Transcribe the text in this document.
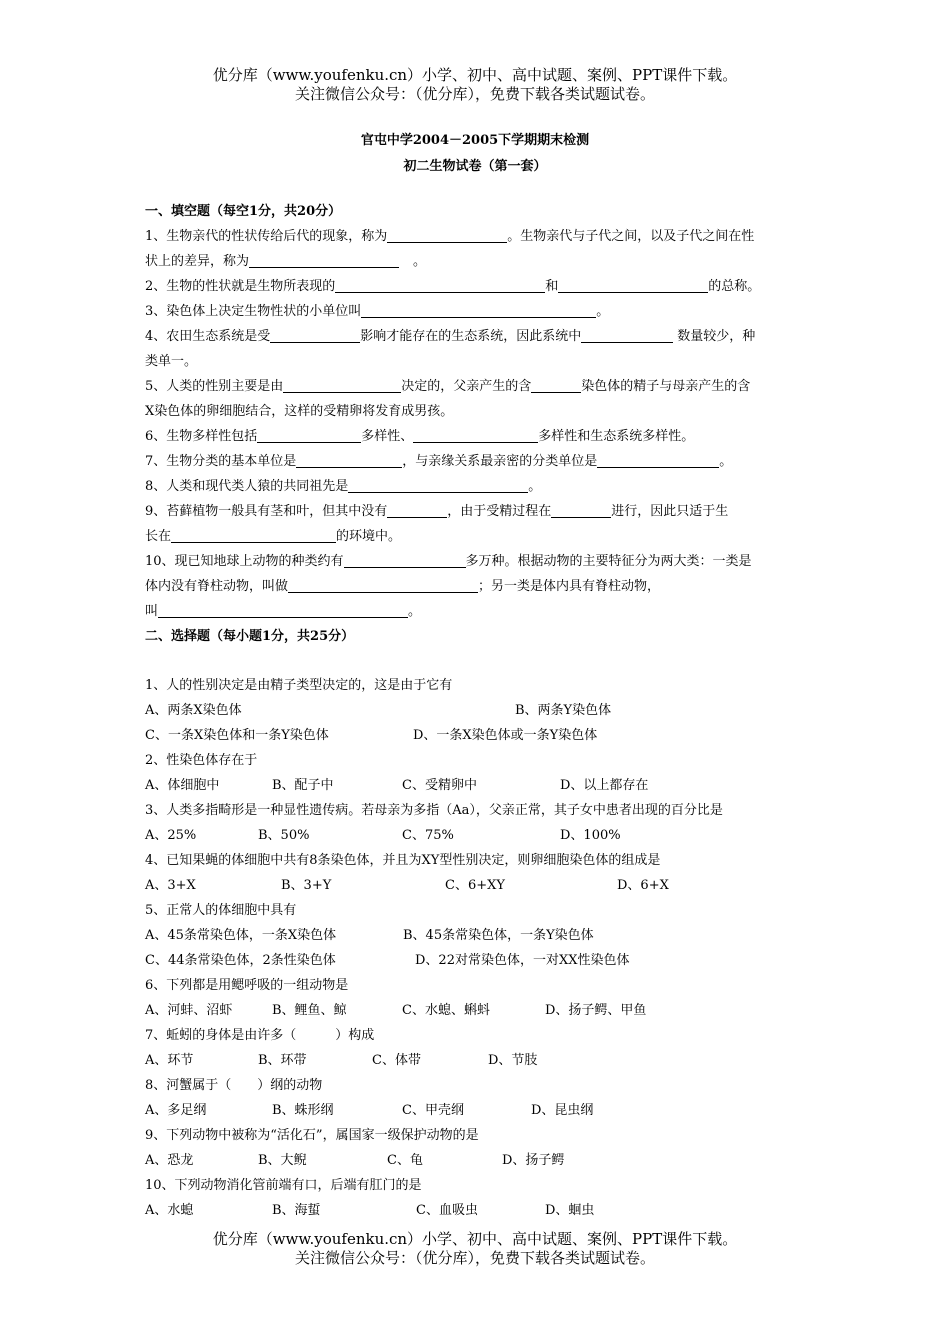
优分库（www.youfenku.cn）小学、初中、高中试题、案例、PPT课件下载。
关注微信公众号：（优分库），免费下载各类试题试卷。
官屯中学2004－2005下学期期末检测
初二生物试卷（第一套）
一、填空题（每空1分，共20分）
1、生物亲代的性状传给后代的现象，称为	。生物亲代与子代之间，以及子代之间在性
状上的差异，称为	。
2、生物的性状就是生物所表现的	和	的总称。
3、染色体上决定生物性状的小单位叫	。
4、农田生态系统是受	影响才能存在的生态系统，因此系统中	数量较少，种
类单一。
5、人类的性别主要是由	决定的，父亲产生的含	染色体的精子与母亲产生的含
X染色体的卵细胞结合，这样的受精卵将发育成男孩。
6、生物多样性包括	多样性、	多样性和生态系统多样性。
7、生物分类的基本单位是	，与亲缘关系最亲密的分类单位是	。
8、人类和现代类人猿的共同祖先是	。
9、苔藓植物一般具有茎和叶，但其中没有	，由于受精过程在	进行，因此只适于生
长在	的环境中。
10、现已知地球上动物的种类约有	多万种。根据动物的主要特征分为两大类：一类是
体内没有脊柱动物，叫做	；另一类是体内具有脊柱动物，
叫	。
二、选择题（每小题1分，共25分）
1、人的性别决定是由精子类型决定的，这是由于它有
A、两条X染色体	B、两条Y染色体
C、一条X染色体和一条Y染色体	D、一条X染色体或一条Y染色体
2、性染色体存在于
A、体细胞中	B、配子中	C、受精卵中	D、以上都存在
3、人类多指畸形是一种显性遗传病。若母亲为多指（Aa），父亲正常，其子女中患者出现的百分比是
A、25%	B、50%	C、75%	D、100%
4、已知果蝇的体细胞中共有8条染色体，并且为XY型性别决定，则卵细胞染色体的组成是
A、3+X	B、3+Y	C、6+XY	D、6+X
5、正常人的体细胞中具有
A、45条常染色体，一条X染色体	B、45条常染色体，一条Y染色体
C、44条常染色体，2条性染色体	D、22对常染色体，一对XX性染色体
6、下列都是用鳃呼吸的一组动物是
A、河蚌、沼虾	B、鲤鱼、鲸	C、水螅、蝌蚪	D、扬子鳄、甲鱼
7、蚯蚓的身体是由许多（　　　）构成
A、环节	B、环带	C、体带	D、节肢
8、河蟹属于（　　）纲的动物
A、多足纲	B、蛛形纲	C、甲壳纲	D、昆虫纲
9、下列动物中被称为“活化石”，属国家一级保护动物的是
A、恐龙	B、大鲵	C、龟	D、扬子鳄
10、下列动物消化管前端有口，后端有肛门的是
A、水螅	B、海蜇	C、血吸虫	D、蛔虫
优分库（www.youfenku.cn）小学、初中、高中试题、案例、PPT课件下载。
关注微信公众号：（优分库），免费下载各类试题试卷。
